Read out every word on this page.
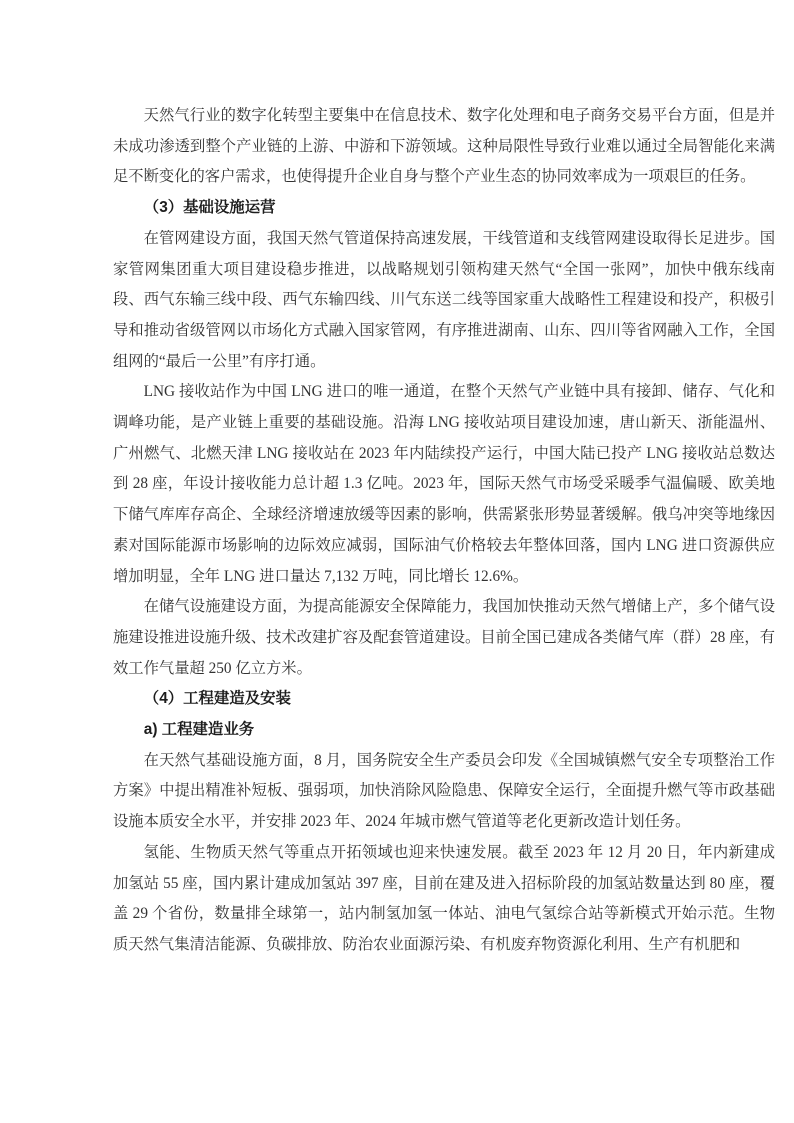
天然气行业的数字化转型主要集中在信息技术、数字化处理和电子商务交易平台方面，但是并未成功渗透到整个产业链的上游、中游和下游领域。这种局限性导致行业难以通过全局智能化来满足不断变化的客户需求，也使得提升企业自身与整个产业生态的协同效率成为一项艰巨的任务。

（3）基础设施运营

在管网建设方面，我国天然气管道保持高速发展，干线管道和支线管网建设取得长足进步。国家管网集团重大项目建设稳步推进，以战略规划引领构建天然气“全国一张网”，加快中俄东线南段、西气东输三线中段、西气东输四线、川气东送二线等国家重大战略性工程建设和投产，积极引导和推动省级管网以市场化方式融入国家管网，有序推进湖南、山东、四川等省网融入工作，全国组网的“最后一公里”有序打通。

LNG 接收站作为中国 LNG 进口的唯一通道，在整个天然气产业链中具有接卸、储存、气化和调峰功能，是产业链上重要的基础设施。沿海 LNG 接收站项目建设加速，唐山新天、浙能温州、广州燃气、北燃天津 LNG 接收站在 2023 年内陆续投产运行，中国大陆已投产 LNG 接收站总数达到 28 座，年设计接收能力总计超 1.3 亿吨。2023 年，国际天然气市场受采暖季气温偏暖、欧美地下储气库库存高企、全球经济增速放缓等因素的影响，供需紧张形势显著缓解。俄乌冲突等地缘因素对国际能源市场影响的边际效应减弱，国际油气价格较去年整体回落，国内 LNG 进口资源供应增加明显，全年 LNG 进口量达 7,132 万吨，同比增长 12.6%。

在储气设施建设方面，为提高能源安全保障能力，我国加快推动天然气增储上产，多个储气设施建设推进设施升级、技术改建扩容及配套管道建设。目前全国已建成各类储气库（群）28 座，有效工作气量超 250 亿立方米。

（4）工程建造及安装
a) 工程建造业务

在天然气基础设施方面，8 月，国务院安全生产委员会印发《全国城镇燃气安全专项整治工作方案》中提出精准补短板、强弱项，加快消除风险隐患、保障安全运行，全面提升燃气等市政基础设施本质安全水平，并安排 2023 年、2024 年城市燃气管道等老化更新改造计划任务。

氢能、生物质天然气等重点开拓领域也迎来快速发展。截至 2023 年 12 月 20 日，年内新建成加氢站 55 座，国内累计建成加氢站 397 座，目前在建及进入招标阶段的加氢站数量达到 80 座，覆盖 29 个省份，数量排全球第一，站内制氢加氢一体站、油电气氢综合站等新模式开始示范。生物质天然气集清洁能源、负碳排放、防治农业面源污染、有机废弃物资源化利用、生产有机肥和
